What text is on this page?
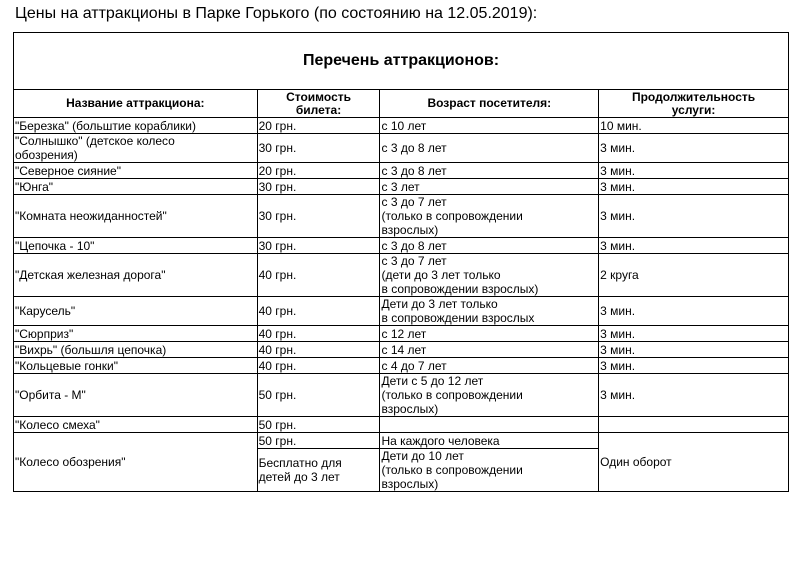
Цены на аттракционы в Парке Горького (по состоянию на 12.05.2019):
Перечень аттракционов:			
Название аттракциона:	Стоимость
билета:	Возраст посетителя:	Продолжительность
услуги:
"Березка" (больштие кораблики)	20 грн.	с 10 лет	10 мин.
"Солнышко" (детское колесо
обозрения)	30 грн.	с 3 до 8 лет	3 мин.
"Северное сияние"	20 грн.	с 3 до 8 лет	3 мин.
"Юнга"	30 грн.	с 3 лет	3 мин.
"Комната неожиданностей"	30 грн.	с 3 до 7 лет
(только в сопровождении
взрослых)	3 мин.
"Цепочка - 10"	30 грн.	с 3 до 8 лет	3 мин.
"Детская железная дорога"	40 грн.	с 3 до 7 лет
(дети до 3 лет только
в сопровождении взрослых)	2 круга
"Карусель"	40 грн.	Дети до 3 лет только
в сопровождении взрослых	3 мин.
"Сюрприз"	40 грн.	с 12 лет	3 мин.
"Вихрь" (большля цепочка)	40 грн.	с 14 лет	3 мин.
"Кольцевые гонки"	40 грн.	с 4 до 7 лет	3 мин.
"Орбита - М"	50 грн.	Дети с 5 до 12 лет
(только в сопровождении
взрослых)	3 мин.
"Колесо смеха"	50 грн.		
"Колесо обозрения"	50 грн.	На каждого человека	Один оборот
	Бесплатно для
детей до 3 лет	Дети до 10 лет
(только в сопровождении
взрослых)	
